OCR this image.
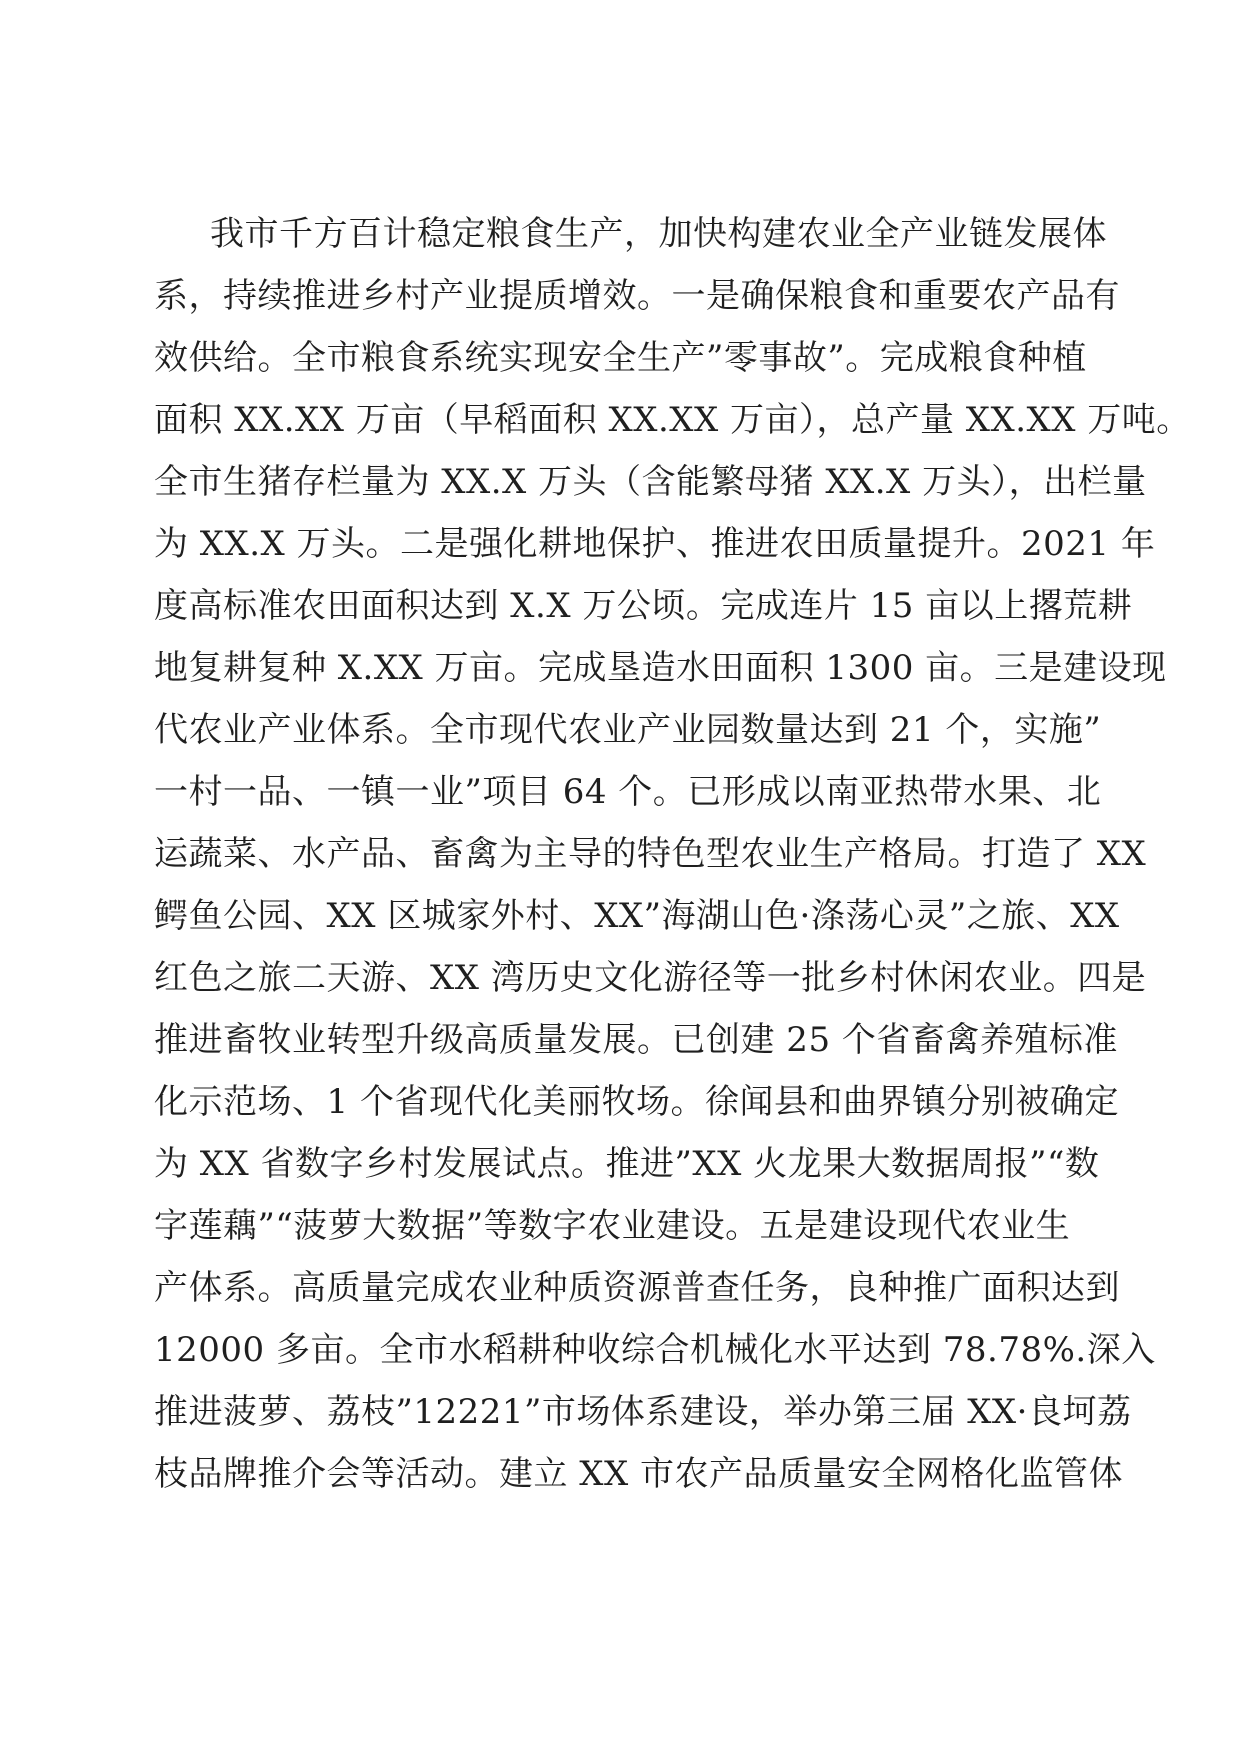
我市千方百计稳定粮食生产，加快构建农业全产业链发展体
系，持续推进乡村产业提质增效。一是确保粮食和重要农产品有
效供给。全市粮食系统实现安全生产”零事故”。完成粮食种植
面积 XX.XX 万亩（早稻面积 XX.XX 万亩），总产量 XX.XX 万吨。
全市生猪存栏量为 XX.X 万头（含能繁母猪 XX.X 万头），出栏量
为 XX.X 万头。二是强化耕地保护、推进农田质量提升。2021 年
度高标准农田面积达到 X.X 万公顷。完成连片 15 亩以上撂荒耕
地复耕复种 X.XX 万亩。完成垦造水田面积 1300 亩。三是建设现
代农业产业体系。全市现代农业产业园数量达到 21 个，实施”
一村一品、一镇一业”项目 64 个。已形成以南亚热带水果、北
运蔬菜、水产品、畜禽为主导的特色型农业生产格局。打造了 XX
鳄鱼公园、XX 区城家外村、XX”海湖山色·涤荡心灵”之旅、XX
红色之旅二天游、XX 湾历史文化游径等一批乡村休闲农业。四是
推进畜牧业转型升级高质量发展。已创建 25 个省畜禽养殖标准
化示范场、1 个省现代化美丽牧场。徐闻县和曲界镇分别被确定
为 XX 省数字乡村发展试点。推进”XX 火龙果大数据周报”“数
字莲藕”“菠萝大数据”等数字农业建设。五是建设现代农业生
产体系。高质量完成农业种质资源普查任务，良种推广面积达到
12000 多亩。全市水稻耕种收综合机械化水平达到 78.78%.深入
推进菠萝、荔枝”12221”市场体系建设，举办第三届 XX·良坷荔
枝品牌推介会等活动。建立 XX 市农产品质量安全网格化监管体
